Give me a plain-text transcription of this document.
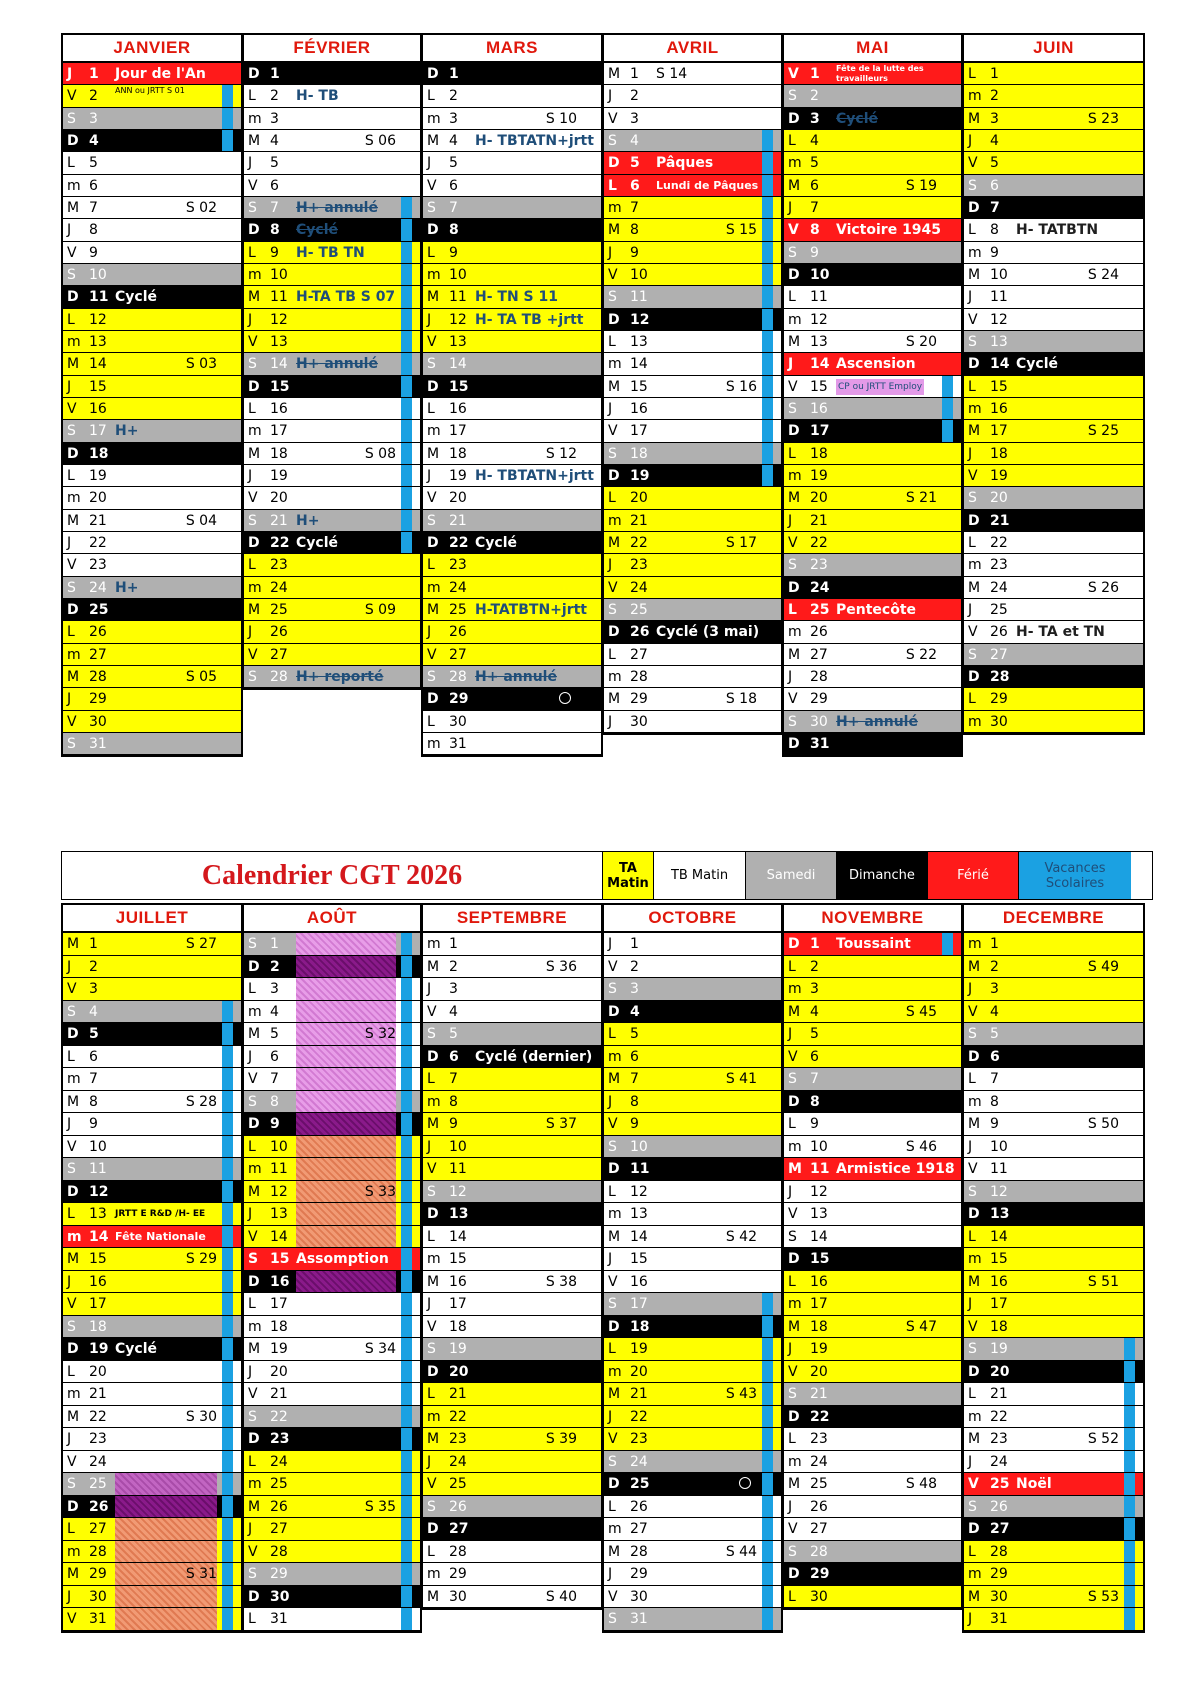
JANVIER
J	1 Jour de l'An
V 2 ANN ou JRTT S 01
S 3
D 4
L	5
m 6
M 7	S 02
J	8
V 9
S 10
D 11 Cyclé
L	12
m 13
M 14	S 03
J	15
V 16
S 17 H+
D 18
L	19
m 20
M 21	S 04
J	22
V 23
S 24 H+
D 25
L	26
m 27
M 28	S 05
J	29
V 30
S 31
FÉVRIER
D 1
L	2 H- TB
m 3
M 4	S 06
J	5
V 6
S 7 H+ annulé
D 8 Cyclé
L	9 H- TB TN
m 10
M 11 H-TA TB S 07
J	12
V 13
S 14 H+ annulé
D 15
L	16
m 17
M 18	S 08
J	19
V 20
S 21 H+
D 22 Cyclé
L	23
m 24
M 25	S 09
J	26
V 27
S 28 H+ reporté
MARS
D 1
L	2
m 3	S 10
M 4 H- TBTATN+jrtt
J	5
V 6
S 7
D 8
L	9
m 10
M 11 H- TN S 11
J	12 H- TA TB +jrtt
V 13
S 14
D 15
L	16
m 17
M 18	S 12
J	19 H- TBTATN+jrtt
V 20
S 21
D 22 Cyclé
L	23
m 24
M 25 H-TATBTN+jrtt
J	26
V 27
S 28 H+ annulé
D 29
L	30
m 31
AVRIL
M 1 S 14
J	2
V 3
S 4
D 5 Pâques
L 6 Lundi de Pâques
m 7
M 8	S 15
J	9
V 10
S 11
D 12
L	13
m 14
M 15	S 16
J	16
V 17
S 18
D 19
L	20
m 21
M 22	S 17
J	23
V 24
S 25
D 26 Cyclé (3 mai)
L	27
m 28
M 29	S 18
J	30
MAI
V 1 Fête de la lutte des travailleurs
S 2
D 3 Cyclé
L	4
m 5
M 6	S 19
J	7
V 8 Victoire 1945
S 9
D 10
L	11
m 12
M 13	S 20
J	14 Ascension
V 15 CP ou JRTT Employ
S 16
D 17
L	18
m 19
M 20	S 21
J	21
V 22
S 23
D 24
L 25 Pentecôte
m 26
M 27	S 22
J	28
V 29
S 30 H+ annulé
D 31
JUIN
L	1
m 2
M 3	S 23
J	4
V 5
S 6
D 7
L	8 H- TATBTN
m 9
M 10	S 24
J	11
V 12
S 13
D 14 Cyclé
L	15
m 16
M 17	S 25
J	18
V 19
S 20
D 21
L	22
m 23
M 24	S 26
J	25
V 26 H- TA et TN
S 27
D 28
L	29
m 30
JUILLET
M 1	S 27
J	2
V 3
S 4
D 5
L	6
m 7
M 8	S 28
J	9
V 10
S 11
D 12
L	13 JRTT E R&D /H- EE
m 14 Fête Nationale
M 15	S 29
J	16
V 17
S 18
D 19 Cyclé
L	20
m 21
M 22	S 30
J	23
V 24
S 25
D 26
L	27
m 28
M 29	S 31
J	30
V 31
AOÛT
S 1
D 2
L	3
m 4
M 5	S 32
J	6
V 7
S 8
D 9
L	10
m 11
M 12	S 33
J	13
V 14
S 15 Assomption
D 16
L	17
m 18
M 19	S 34
J	20
V 21
S 22
D 23
L	24
m 25
M 26	S 35
J	27
V 28
S 29
D 30
L	31
SEPTEMBRE
m 1
M 2	S 36
J	3
V 4
S 5
D 6 Cyclé (dernier)
L	7
m 8
M 9	S 37
J	10
V 11
S 12
D 13
L	14
m 15
M 16	S 38
J	17
V 18
S 19
D 20
L	21
m 22
M 23	S 39
J	24
V 25
S 26
D 27
L	28
m 29
M 30	S 40
OCTOBRE
J	1
V 2
S 3
D 4
L	5
m 6
M 7	S 41
J	8
V 9
S 10
D 11
L	12
m 13
M 14	S 42
J	15
V 16
S 17
D 18
L	19
m 20
M 21	S 43
J	22
V 23
S 24
D 25
L	26
m 27
M 28	S 44
J	29
V 30
S 31
NOVEMBRE
D 1 Toussaint
L	2
m 3
M 4	S 45
J	5
V 6
S 7
D 8
L	9
m 10	S 46
M 11 Armistice 1918
J	12
V 13
S 14
D 15
L	16
m 17
M 18	S 47
J	19
V 20
S 21
D 22
L	23
m 24
M 25	S 48
J	26
V 27
S 28
D 29
L	30
DECEMBRE
m 1
M 2	S 49
J	3
V 4
S 5
D 6
L	7
m 8
M 9	S 50
J	10
V 11
S 12
D 13
L	14
m 15
M 16	S 51
J	17
V 18
S 19
D 20
L	21
m 22
M 23	S 52
J	24
V 25 Noël
S 26
D 27
L	28
m 29
M 30	S 53
J	31
Calendrier CGT 2026	TA Matin	TB Matin	Samedi	Dimanche	Férié	Vacances Scolaires
